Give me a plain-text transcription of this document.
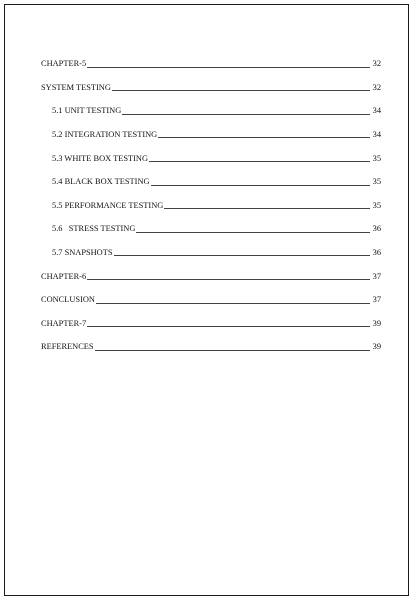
CHAPTER-5	32
SYSTEM TESTING	32
5.1 UNIT TESTING	34
5.2 INTEGRATION TESTING	34
5.3 WHITE BOX TESTING	35
5.4 BLACK BOX TESTING	35
5.5 PERFORMANCE TESTING	35
5.6   STRESS TESTING	36
5.7 SNAPSHOTS	36
CHAPTER-6	37
CONCLUSION	37
CHAPTER-7	39
REFERENCES	39
